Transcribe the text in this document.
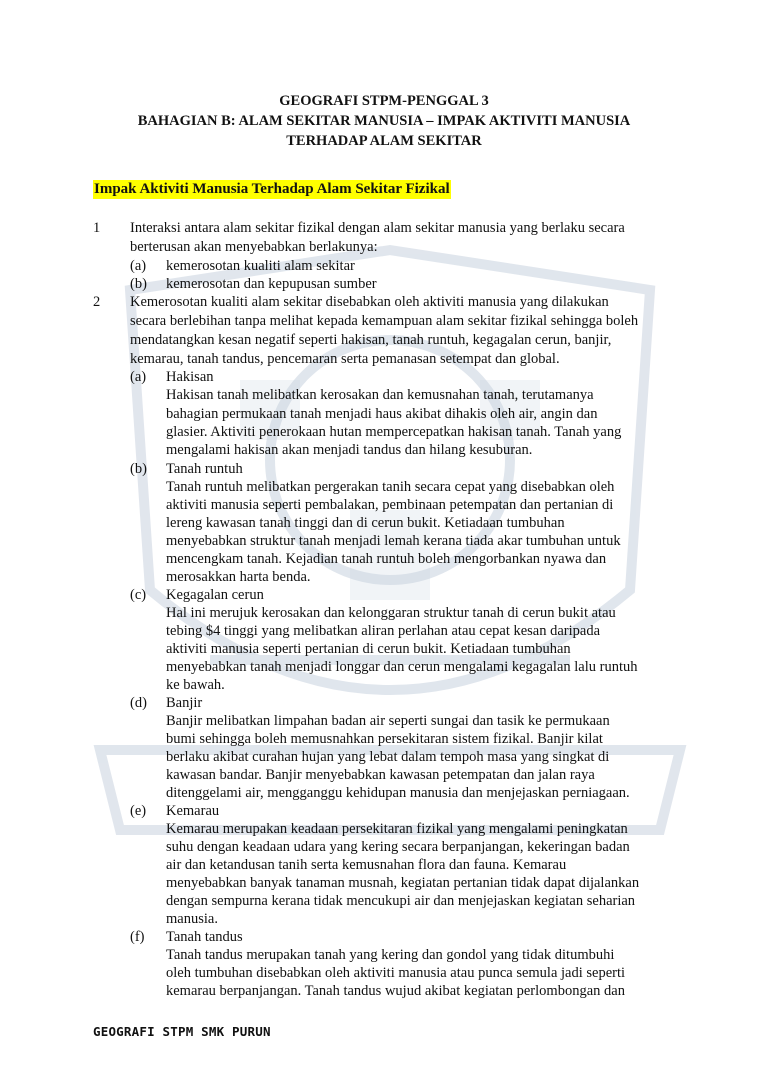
GEOGRAFI STPM-PENGGAL 3
BAHAGIAN B: ALAM SEKITAR MANUSIA – IMPAK AKTIVITI MANUSIA
TERHADAP ALAM SEKITAR
Impak Aktiviti Manusia Terhadap Alam Sekitar Fizikal
1 Interaksi antara alam sekitar fizikal dengan alam sekitar manusia yang berlaku secara
berterusan akan menyebabkan berlakunya:
(a) kemerosotan kualiti alam sekitar
(b) kemerosotan dan kepupusan sumber
2 Kemerosotan kualiti alam sekitar disebabkan oleh aktiviti manusia yang dilakukan
secara berlebihan tanpa melihat kepada kemampuan alam sekitar fizikal sehingga boleh
mendatangkan kesan negatif seperti hakisan, tanah runtuh, kegagalan cerun, banjir,
kemarau, tanah tandus, pencemaran serta pemanasan setempat dan global.
(a) Hakisan
Hakisan tanah melibatkan kerosakan dan kemusnahan tanah, terutamanya
bahagian permukaan tanah menjadi haus akibat dihakis oleh air, angin dan
glasier. Aktiviti penerokaan hutan mempercepatkan hakisan tanah. Tanah yang
mengalami hakisan akan menjadi tandus dan hilang kesuburan.
(b) Tanah runtuh
Tanah runtuh melibatkan pergerakan tanih secara cepat yang disebabkan oleh
aktiviti manusia seperti pembalakan, pembinaan petempatan dan pertanian di
lereng kawasan tanah tinggi dan di cerun bukit. Ketiadaan tumbuhan
menyebabkan struktur tanah menjadi lemah kerana tiada akar tumbuhan untuk
mencengkam tanah. Kejadian tanah runtuh boleh mengorbankan nyawa dan
merosakkan harta benda.
(c) Kegagalan cerun
Hal ini merujuk kerosakan dan kelonggaran struktur tanah di cerun bukit atau
tebing $4 tinggi yang melibatkan aliran perlahan atau cepat kesan daripada
aktiviti manusia seperti pertanian di cerun bukit. Ketiadaan tumbuhan
menyebabkan tanah menjadi longgar dan cerun mengalami kegagalan lalu runtuh
ke bawah.
(d) Banjir
Banjir melibatkan limpahan badan air seperti sungai dan tasik ke permukaan
bumi sehingga boleh memusnahkan persekitaran sistem fizikal. Banjir kilat
berlaku akibat curahan hujan yang lebat dalam tempoh masa yang singkat di
kawasan bandar. Banjir menyebabkan kawasan petempatan dan jalan raya
ditenggelami air, mengganggu kehidupan manusia dan menjejaskan perniagaan.
(e) Kemarau
Kemarau merupakan keadaan persekitaran fizikal yang mengalami peningkatan
suhu dengan keadaan udara yang kering secara berpanjangan, kekeringan badan
air dan ketandusan tanih serta kemusnahan flora dan fauna. Kemarau
menyebabkan banyak tanaman musnah, kegiatan pertanian tidak dapat dijalankan
dengan sempurna kerana tidak mencukupi air dan menjejaskan kegiatan seharian
manusia.
(f) Tanah tandus
Tanah tandus merupakan tanah yang kering dan gondol yang tidak ditumbuhi
oleh tumbuhan disebabkan oleh aktiviti manusia atau punca semula jadi seperti
kemarau berpanjangan. Tanah tandus wujud akibat kegiatan perlombongan dan
GEOGRAFI STPM SMK PURUN
